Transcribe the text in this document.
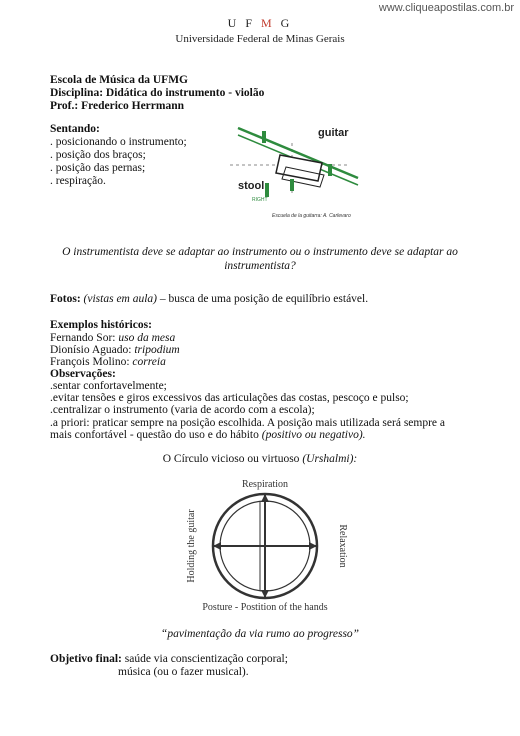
www.cliqueapostilas.com.br
U F M G
Universidade Federal de Minas Gerais
Escola de Música da UFMG
Disciplina: Didática do instrumento - violão
Prof.: Frederico Herrmann
Sentando:
. posicionando o instrumento;
. posição dos braços;
. posição das pernas;
. respiração.
guitar
stool
RIGHT
Escuela de la guitarra: A. Carlevaro
O instrumentista deve se adaptar ao instrumento ou o instrumento deve se adaptar ao
instrumentista?
Fotos: (vistas em aula) – busca de uma posição de equilíbrio estável.
Exemplos históricos:
Fernando Sor: uso da mesa
Dionísio Aguado: tripodium
François Molino: correia
Observações:
.sentar confortavelmente;
.evitar tensões e giros excessivos das articulações das costas, pescoço e pulso;
.centralizar o instrumento (varia de acordo com a escola);
.a priori: praticar sempre na posição escolhida. A posição mais utilizada será sempre a
mais confortável - questão do uso e do hábito (positivo ou negativo).
O Círculo vicioso ou virtuoso (Urshalmi):
Respiration
Posture - Postition of the hands
Relaxation
Holding the guitar
“pavimentação da via rumo ao progresso”
Objetivo final: saúde via conscientização corporal;
música (ou o fazer musical).
